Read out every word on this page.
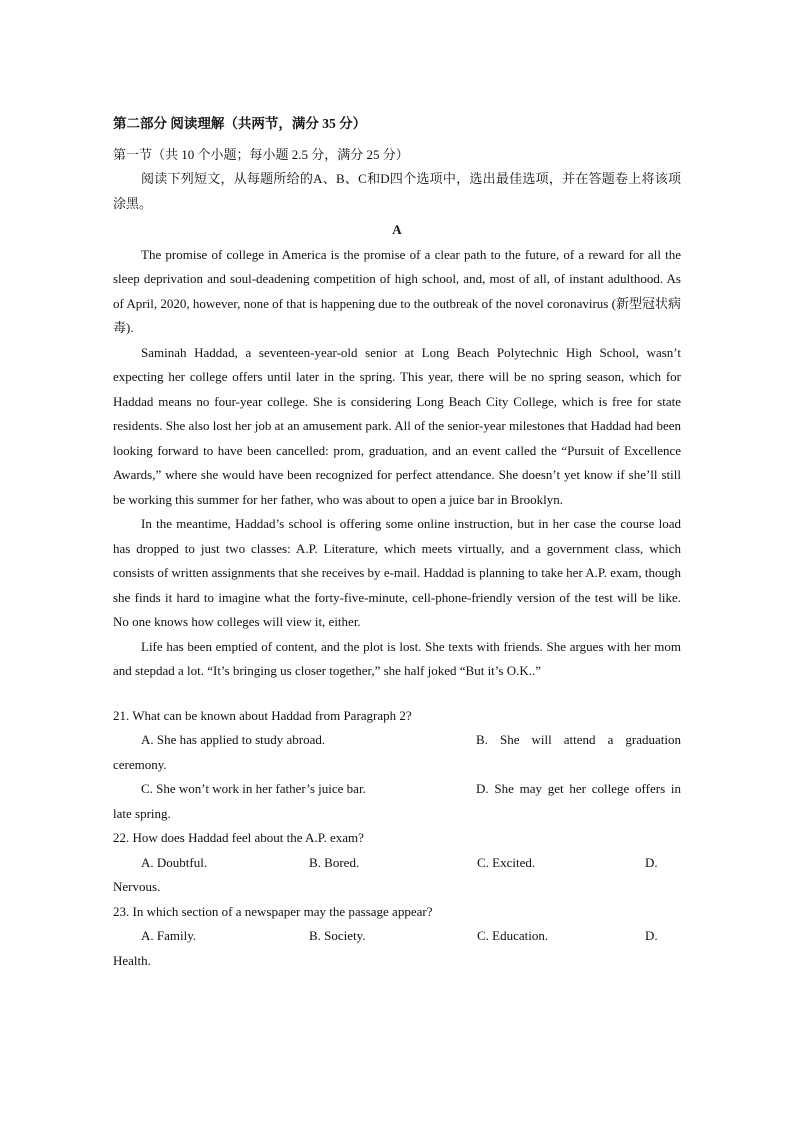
第二部分 阅读理解（共两节，满分 35 分）

第一节（共 10 个小题；每小题 2.5 分，满分 25 分）

阅读下列短文，从每题所给的A、B、C和D四个选项中，选出最佳选项，并在答题卷上将该项涂黑。

A

The promise of college in America is the promise of a clear path to the future, of a reward for all the sleep deprivation and soul-deadening competition of high school, and, most of all, of instant adulthood. As of April, 2020, however, none of that is happening due to the outbreak of the novel coronavirus (新型冠状病毒).

Saminah Haddad, a seventeen-year-old senior at Long Beach Polytechnic High School, wasn’t expecting her college offers until later in the spring. This year, there will be no spring season, which for Haddad means no four-year college. She is considering Long Beach City College, which is free for state residents. She also lost her job at an amusement park. All of the senior-year milestones that Haddad had been looking forward to have been cancelled: prom, graduation, and an event called the “Pursuit of Excellence Awards,” where she would have been recognized for perfect attendance. She doesn’t yet know if she’ll still be working this summer for her father, who was about to open a juice bar in Brooklyn.

In the meantime, Haddad’s school is offering some online instruction, but in her case the course load has dropped to just two classes: A.P. Literature, which meets virtually, and a government class, which consists of written assignments that she receives by e-mail. Haddad is planning to take her A.P. exam, though she finds it hard to imagine what the forty-five-minute, cell-phone-friendly version of the test will be like. No one knows how colleges will view it, either.

Life has been emptied of content, and the plot is lost. She texts with friends. She argues with her mom and stepdad a lot. “It’s bringing us closer together,” she half joked “But it’s O.K..”

21. What can be known about Haddad from Paragraph 2?

A. She has applied to study abroad.	B. She will attend a graduation

ceremony.

C. She won’t work in her father’s juice bar.	D. She may get her college offers in

late spring.

22. How does Haddad feel about the A.P. exam?

A. Doubtful.	B. Bored.	C. Excited.	D.

Nervous.

23. In which section of a newspaper may the passage appear?

A. Family.	B. Society.	C. Education.	D.

Health.
